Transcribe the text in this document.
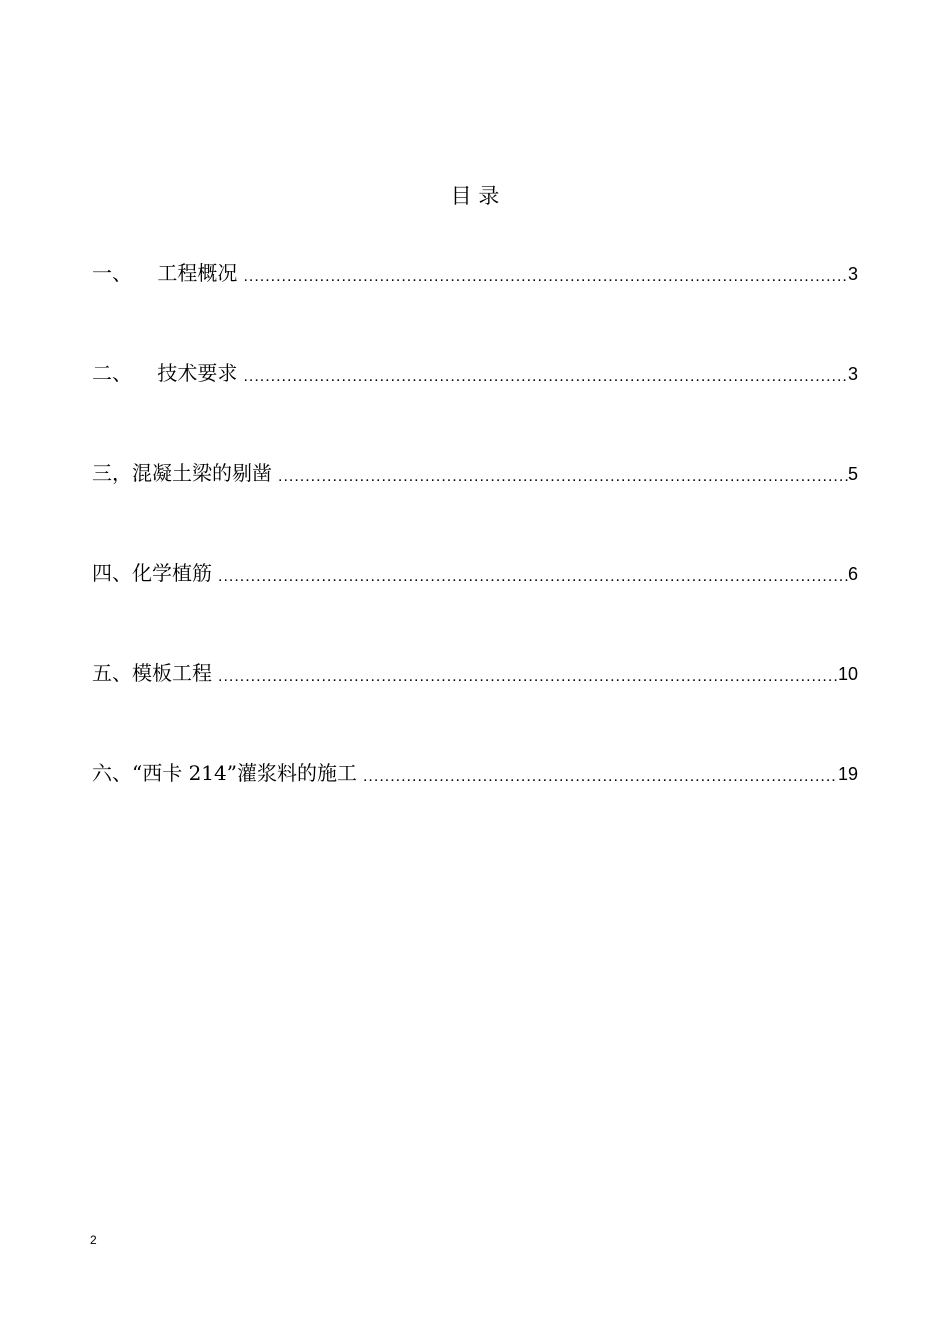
目 录
一、    工程概况 .....	3
二、    技术要求 .....	3
三，混凝土梁的剔凿 .....	5
四、化学植筋 .....	6
五、模板工程 .....	10
六、“西卡 214”灌浆料的施工 .....	19
2
